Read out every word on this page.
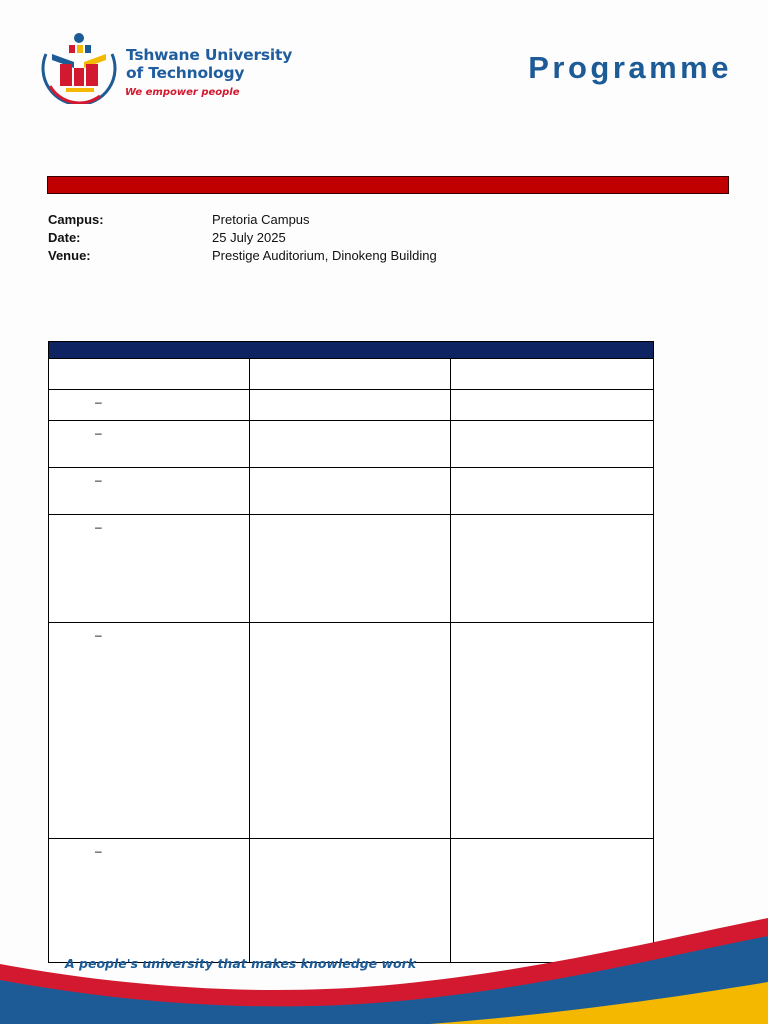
Tshwane University
of Technology
We empower people
Programme
Campus:	Pretoria Campus
Date:	25 July 2025
Venue:	Prestige Auditorium, Dinokeng Building

–		
–		
–		
–		
–		
–		
A people's university that makes knowledge work
